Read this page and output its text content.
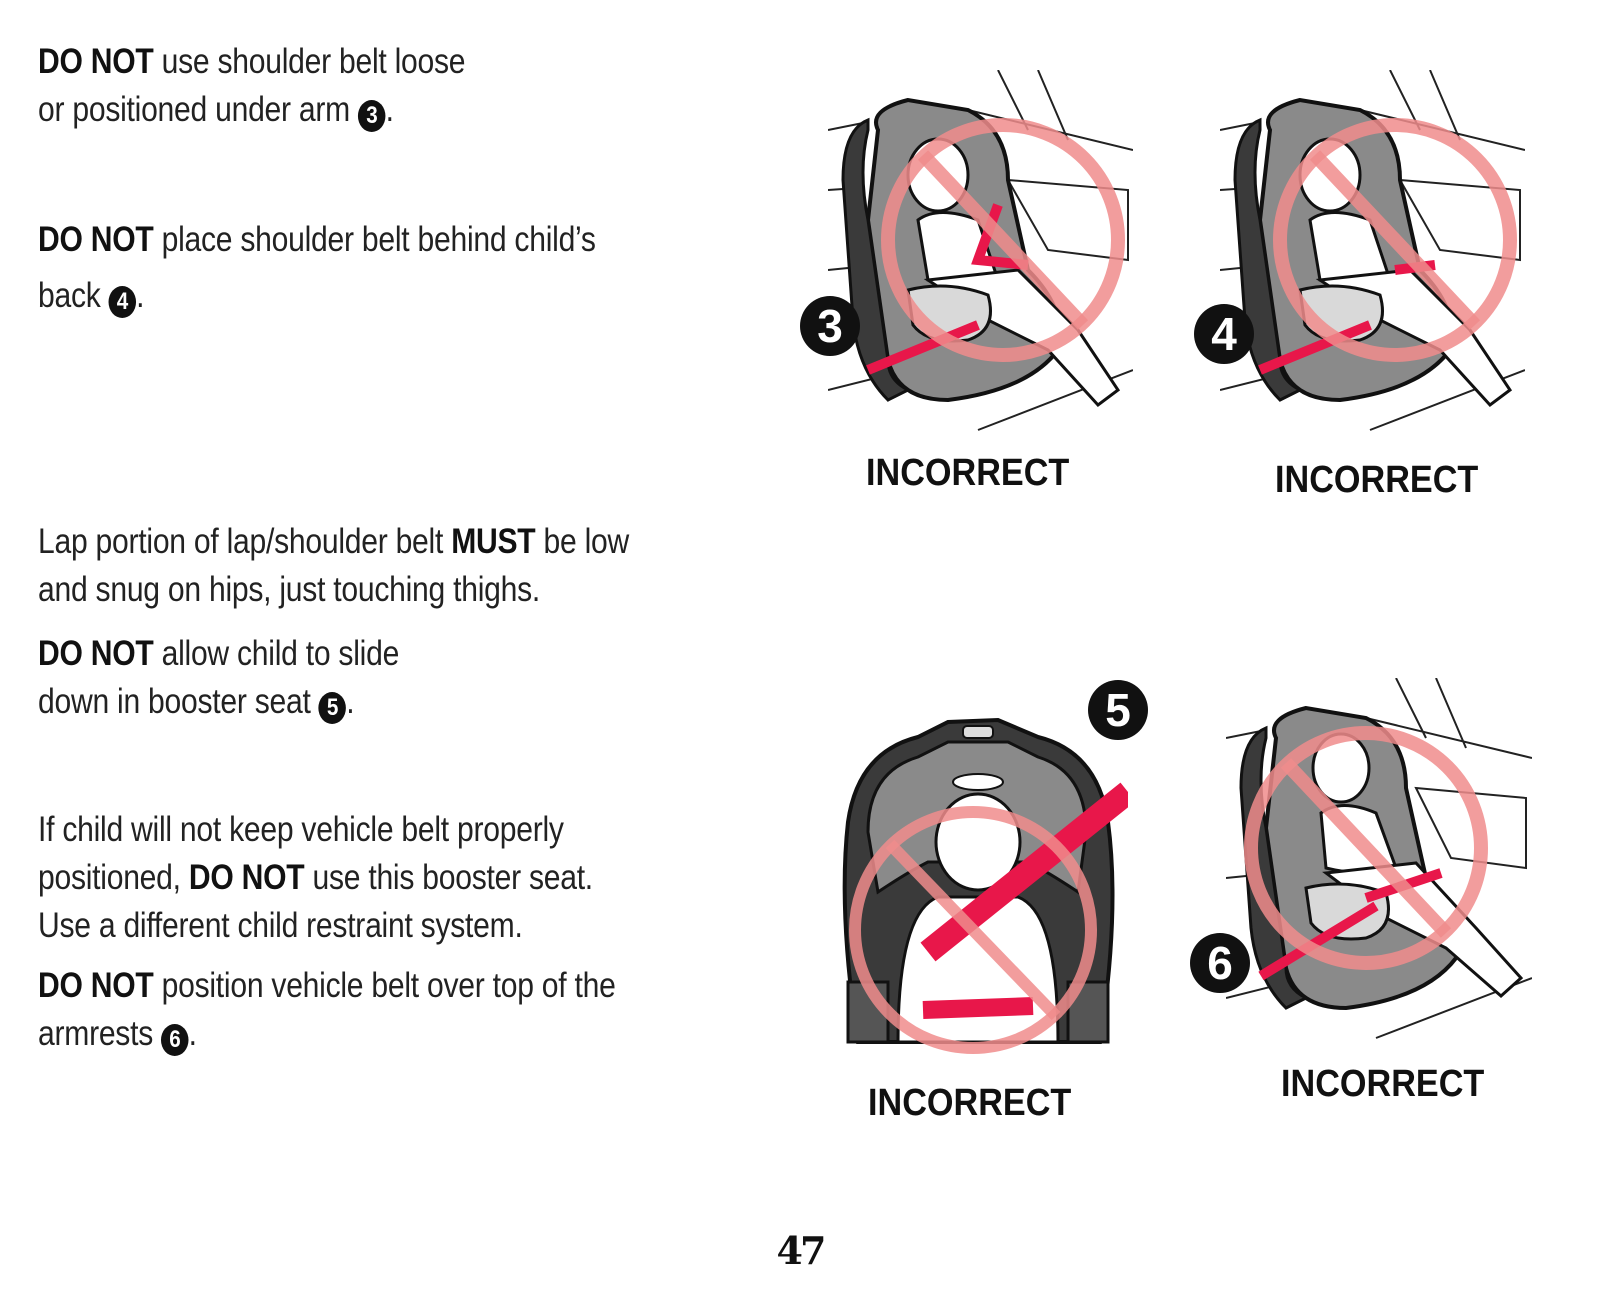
DO NOT use shoulder belt loose
or positioned under arm 3 .

DO NOT place shoulder belt behind child’s
back 4 .

Lap portion of lap/shoulder belt MUST be low
and snug on hips, just touching thighs.

DO NOT allow child to slide
down in booster seat 5 .

If child will not keep vehicle belt properly
positioned, DO NOT use this booster seat.
Use a different child restraint system.

DO NOT position vehicle belt over top of the
armrests 6 .

3
INCORRECT
4
INCORRECT
5
INCORRECT
6
INCORRECT
47
